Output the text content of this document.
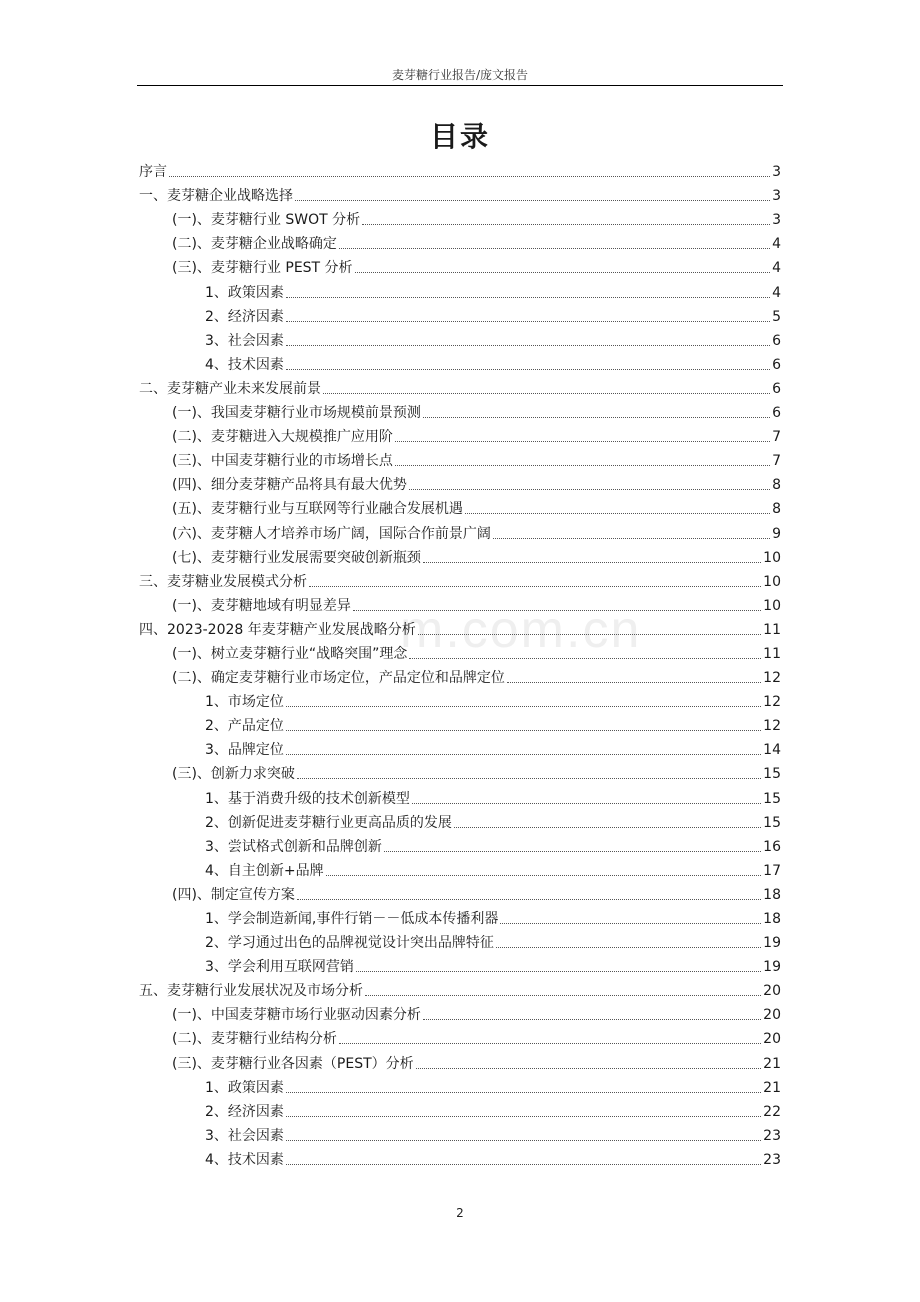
麦芽糖行业报告/庞文报告
目录
m.com.cn
序言	3
一、麦芽糖企业战略选择	3
(一)、麦芽糖行业 SWOT 分析	3
(二)、麦芽糖企业战略确定	4
(三)、麦芽糖行业 PEST 分析	4
1、政策因素	4
2、经济因素	5
3、社会因素	6
4、技术因素	6
二、麦芽糖产业未来发展前景	6
(一)、我国麦芽糖行业市场规模前景预测	6
(二)、麦芽糖进入大规模推广应用阶	7
(三)、中国麦芽糖行业的市场增长点	7
(四)、细分麦芽糖产品将具有最大优势	8
(五)、麦芽糖行业与互联网等行业融合发展机遇	8
(六)、麦芽糖人才培养市场广阔，国际合作前景广阔	9
(七)、麦芽糖行业发展需要突破创新瓶颈	10
三、麦芽糖业发展模式分析	10
(一)、麦芽糖地域有明显差异	10
四、2023-2028 年麦芽糖产业发展战略分析	11
(一)、树立麦芽糖行业“战略突围”理念	11
(二)、确定麦芽糖行业市场定位，产品定位和品牌定位	12
1、市场定位	12
2、产品定位	12
3、品牌定位	14
(三)、创新力求突破	15
1、基于消费升级的技术创新模型	15
2、创新促进麦芽糖行业更高品质的发展	15
3、尝试格式创新和品牌创新	16
4、自主创新+品牌	17
(四)、制定宣传方案	18
1、学会制造新闻,事件行销－－低成本传播利器	18
2、学习通过出色的品牌视觉设计突出品牌特征	19
3、学会利用互联网营销	19
五、麦芽糖行业发展状况及市场分析	20
(一)、中国麦芽糖市场行业驱动因素分析	20
(二)、麦芽糖行业结构分析	20
(三)、麦芽糖行业各因素（PEST）分析	21
1、政策因素	21
2、经济因素	22
3、社会因素	23
4、技术因素	23
2
